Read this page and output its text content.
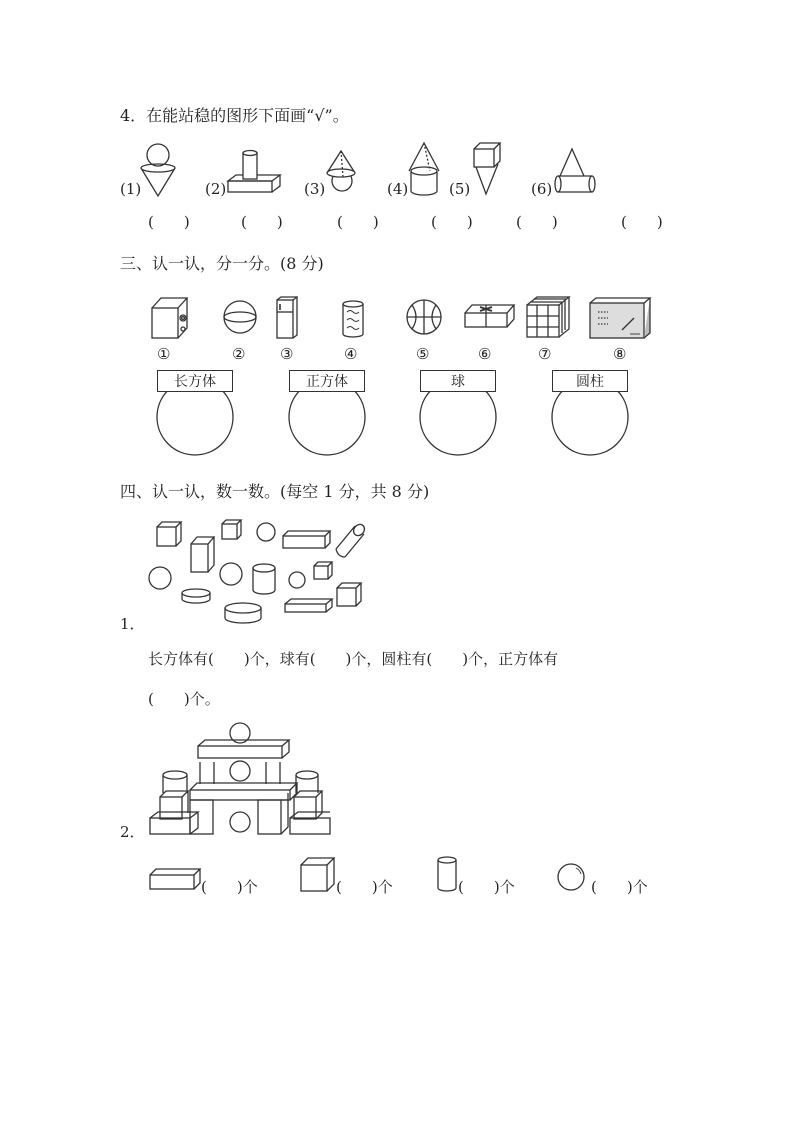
4．在能站稳的图形下面画“√”。
(1)	(2)	(3)	(4)	(5)	(6)
(　　)	(　　)	(　　)	(　　)	(　　)	(　　)
三、认一认，分一分。(8 分)
①	② ③	④	⑤	⑥	⑦	⑧
长方体	正方体	球	圆柱
四、认一认，数一数。(每空 1 分，共 8 分)
1．
长方体有(　　)个，球有(　　)个，圆柱有(　　)个，正方体有
(　　)个。
2．
(　　)个	(　　)个	(　　)个	(　　)个
